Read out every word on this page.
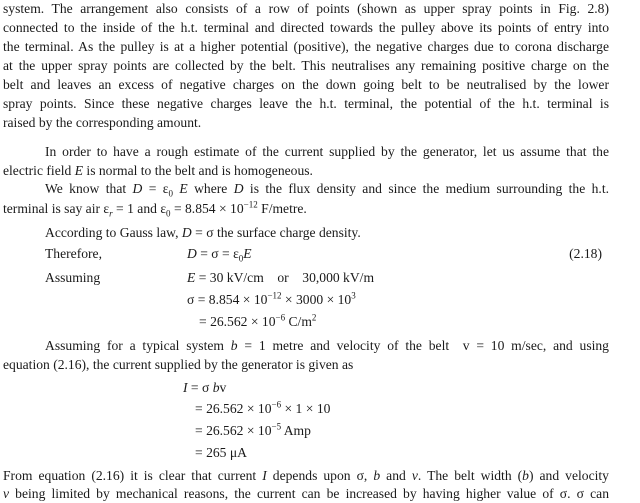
system. The arrangement also consists of a row of points (shown as upper spray points in Fig. 2.8)
connected to the inside of the h.t. terminal and directed towards the pulley above its points of entry into
the terminal. As the pulley is at a higher potential (positive), the negative charges due to corona discharge
at the upper spray points are collected by the belt. This neutralises any remaining positive charge on the
belt and leaves an excess of negative charges on the down going belt to be neutralised by the lower
spray points. Since these negative charges leave the h.t. terminal, the potential of the h.t. terminal is
raised by the corresponding amount.
In order to have a rough estimate of the current supplied by the generator, let us assume that the
electric field E is normal to the belt and is homogeneous.
We know that $D = \varepsilon_0$ E where D is the flux density and since the medium surrounding the h.t.
terminal is say air $\varepsilon_r = 1$ and $\varepsilon_0 = 8.854 \times 10^{-12}$ F/metre.
According to Gauss law, D = σ the surface charge density.
Therefore,	$D = \sigma = \varepsilon_0E$	(2.18)
Assuming	E = 30 kV/cm    or    30,000 kV/m
$\sigma = 8.854 \times 10^{-12} \times 3000 \times 10^3$
= $26.562 \times 10^{-6}$ $C/m^2$
Assuming for a typical system b = 1 metre and velocity of the belt  v = 10 m/sec, and using
equation (2.16), the current supplied by the generator is given as
I = σ bv
= $26.562 \times 10^{-6} \times 1 \times 10$
= $26.562 \times 10^{-5}$ Amp
= 265 μA
From equation (2.16) it is clear that current I depends upon σ, b and v. The belt width (b) and velocity
v being limited by mechanical reasons, the current can be increased by having higher value of σ. σ can
